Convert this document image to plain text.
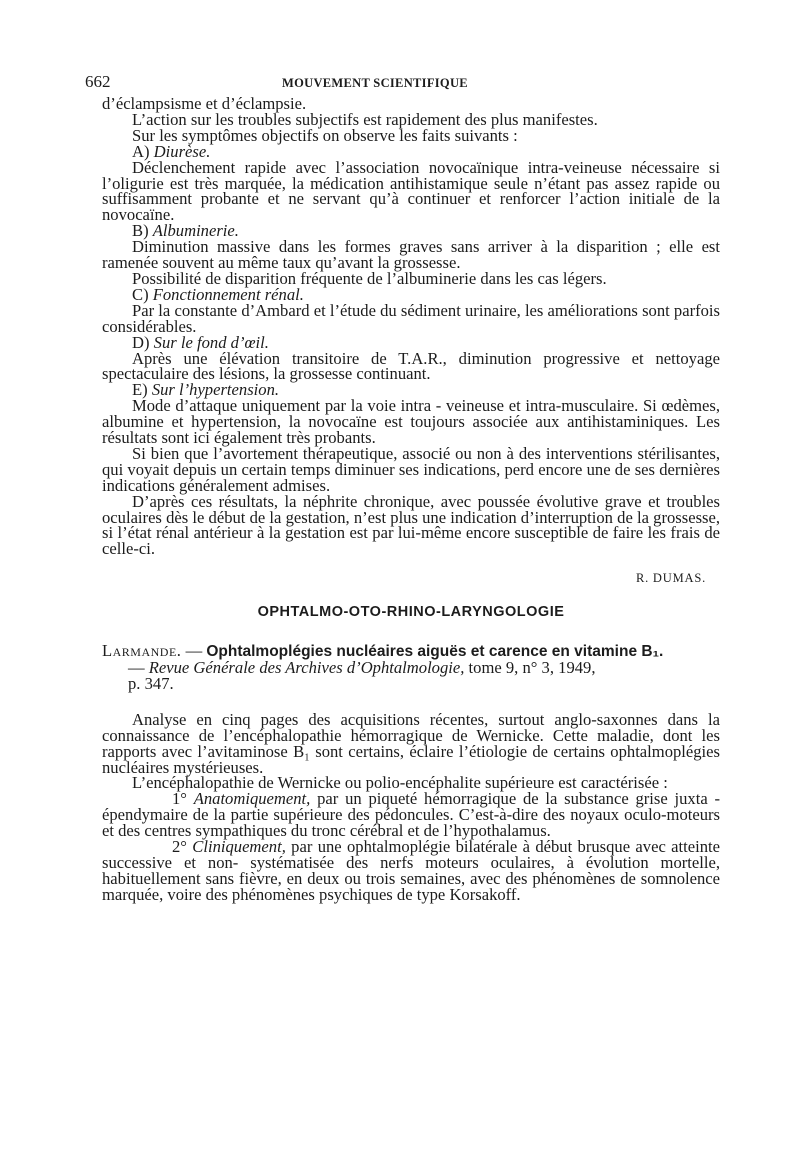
662	MOUVEMENT SCIENTIFIQUE

d’éclampsisme et d’éclampsie.

L’action sur les troubles subjectifs est rapidement des plus manifestes.

Sur les symptômes objectifs on observe les faits suivants :

A) Diurèse.

Déclenchement rapide avec l’association novocaïnique intra-veineuse nécessaire si l’oligurie est très marquée, la médication antihistamique seule n’étant pas assez rapide ou suffisamment probante et ne servant qu’à continuer et renforcer l’action initiale de la novocaïne.

B) Albuminerie.

Diminution massive dans les formes graves sans arriver à la disparition ; elle est ramenée souvent au même taux qu’avant la grossesse.

Possibilité de disparition fréquente de l’albuminerie dans les cas légers.

C) Fonctionnement rénal.

Par la constante d’Ambard et l’étude du sédiment urinaire, les améliorations sont parfois considérables.

D) Sur le fond d’œil.

Après une élévation transitoire de T.A.R., diminution progressive et nettoyage spectaculaire des lésions, la grossesse continuant.

E) Sur l’hypertension.

Mode d’attaque uniquement par la voie intra - veineuse et intra-musculaire. Si œdèmes, albumine et hypertension, la novocaïne est toujours associée aux antihistaminiques. Les résultats sont ici également très probants.

Si bien que l’avortement thérapeutique, associé ou non à des interventions stérilisantes, qui voyait depuis un certain temps diminuer ses indications, perd encore une de ses dernières indications généralement admises.

D’après ces résultats, la néphrite chronique, avec poussée évolutive grave et troubles oculaires dès le début de la gestation, n’est plus une indication d’interruption de la grossesse, si l’état rénal antérieur à la gestation est par lui-même encore susceptible de faire les frais de celle-ci.

R. DUMAS.

OPHTALMO-OTO-RHINO-LARYNGOLOGIE

Larmande. — Ophtalmoplégies nucléaires aiguës et carence en vitamine B₁.

— Revue Générale des Archives d’Ophtalmologie, tome 9, n° 3, 1949,

p. 347.

Analyse en cinq pages des acquisitions récentes, surtout anglo-saxonnes dans la connaissance de l’encéphalopathie hémorragique de Wernicke. Cette maladie, dont les rapports avec l’avitaminose B₁ sont certains, éclaire l’étiologie de certains ophtalmoplégies nucléaires mystérieuses.

L’encéphalopathie de Wernicke ou polio-encéphalite supérieure est caractérisée :

1° Anatomiquement, par un piqueté hémorragique de la substance grise juxta - épendymaire de la partie supérieure des pédoncules. C’est-à-dire des noyaux oculo-moteurs et des centres sympathiques du tronc cérébral et de l’hypothalamus.

2° Cliniquement, par une ophtalmoplégie bilatérale à début brusque avec atteinte successive et non- systématisée des nerfs moteurs oculaires, à évolution mortelle, habituellement sans fièvre, en deux ou trois semaines, avec des phénomènes de somnolence marquée, voire des phénomènes psychiques de type Korsakoff.
